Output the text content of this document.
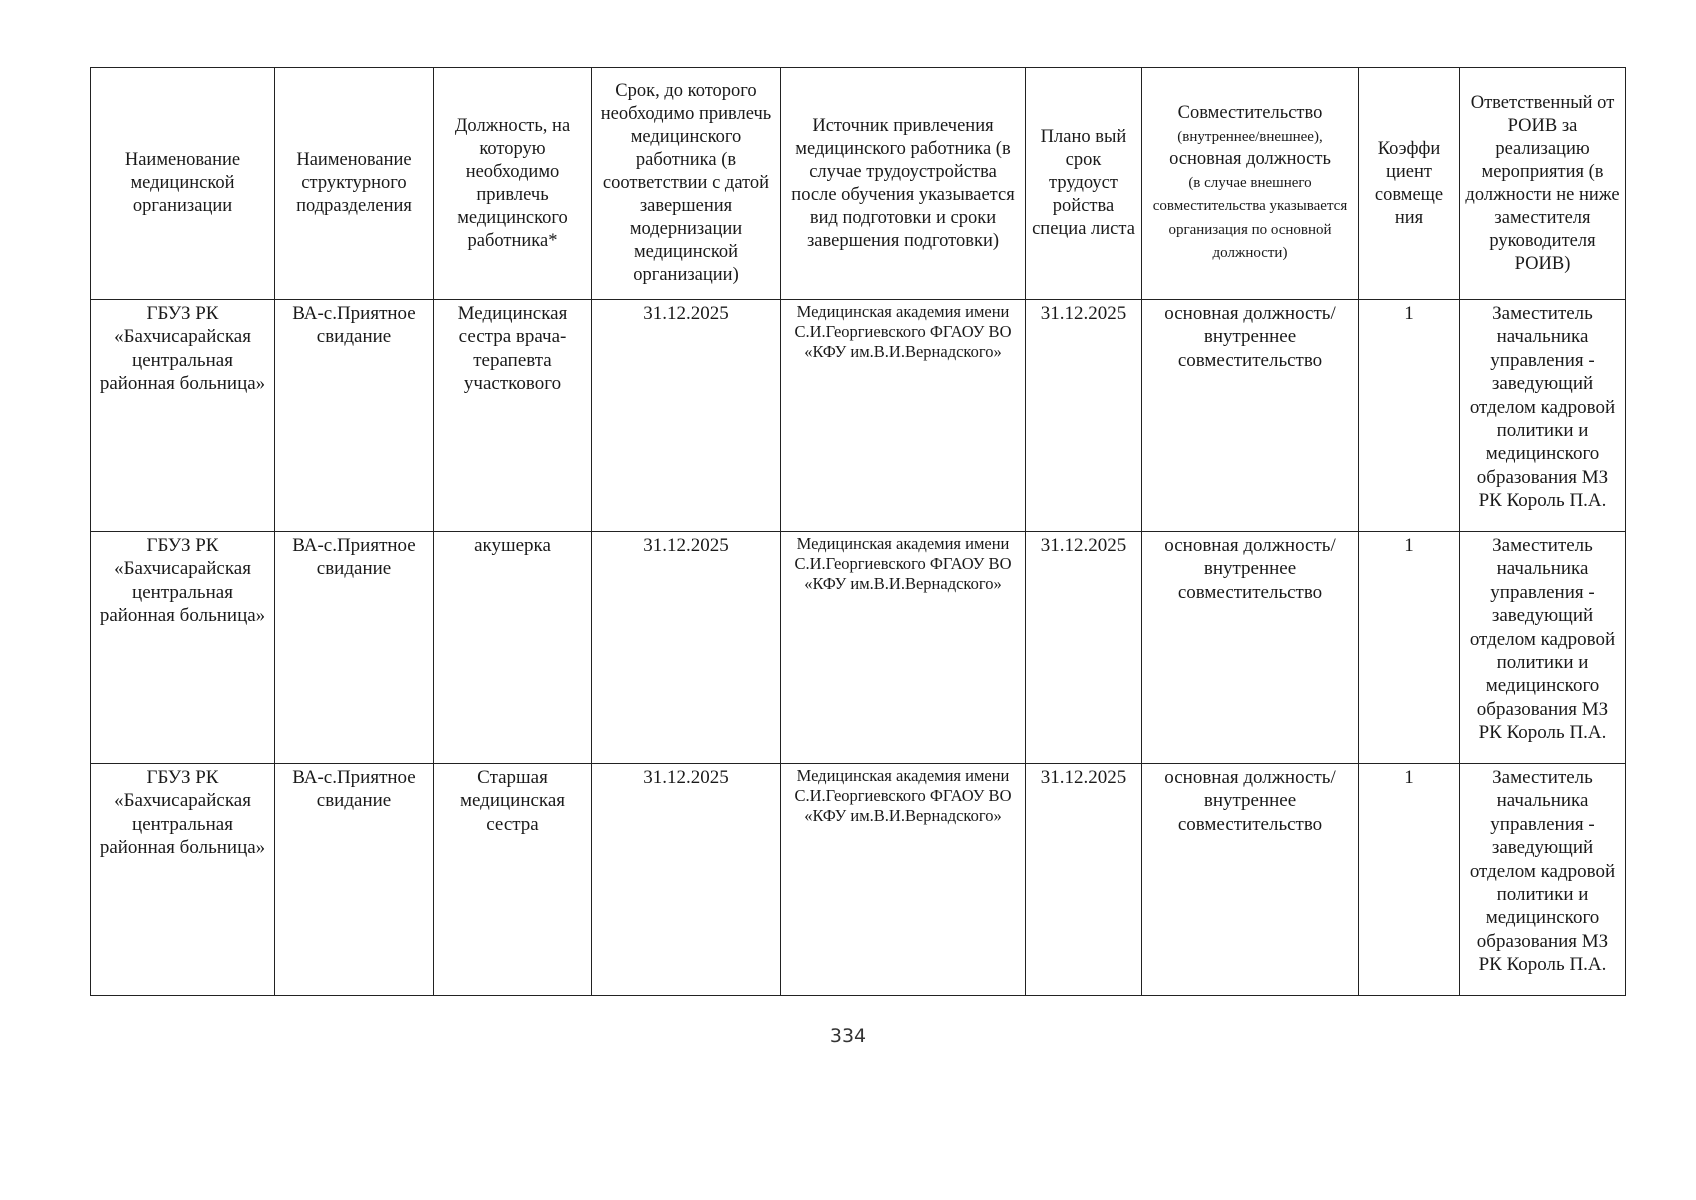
Наименование медицинской организации	Наименование структурного подразделения	Должность, на которую необходимо привлечь медицинского работника*	Срок, до которого необходимо привлечь медицинского работника (в соответствии с датой завершения модернизации медицинской организации)	Источник привлечения медицинского работника (в случае трудоустройства после обучения указывается вид подготовки и сроки завершения подготовки)	Плано вый срок трудоуст ройства специа листа	Совместительство
(внутреннее/внешнее),
основная должность
(в случае внешнего совместительства указывается организация по основной должности)	Коэффи циент совмеще ния	Ответственный от РОИВ за реализацию мероприятия (в должности не ниже заместителя руководителя РОИВ)
ГБУЗ РК «Бахчисарайская центральная районная больница»	ВА-с.Приятное свидание	Медицинская сестра врача-терапевта участкового	31.12.2025	Медицинская академия имени С.И.Георгиевского ФГАОУ ВО «КФУ им.В.И.Вернадского»	31.12.2025	основная должность/ внутреннее совместительство	1	Заместитель начальника управления - заведующий отделом кадровой политики и медицинского образования МЗ РК Король П.А.
ГБУЗ РК «Бахчисарайская центральная районная больница»	ВА-с.Приятное свидание	акушерка	31.12.2025	Медицинская академия имени С.И.Георгиевского ФГАОУ ВО «КФУ им.В.И.Вернадского»	31.12.2025	основная должность/ внутреннее совместительство	1	Заместитель начальника управления - заведующий отделом кадровой политики и медицинского образования МЗ РК Король П.А.
ГБУЗ РК «Бахчисарайская центральная районная больница»	ВА-с.Приятное свидание	Старшая медицинская сестра	31.12.2025	Медицинская академия имени С.И.Георгиевского ФГАОУ ВО «КФУ им.В.И.Вернадского»	31.12.2025	основная должность/ внутреннее совместительство	1	Заместитель начальника управления - заведующий отделом кадровой политики и медицинского образования МЗ РК Король П.А.
334
